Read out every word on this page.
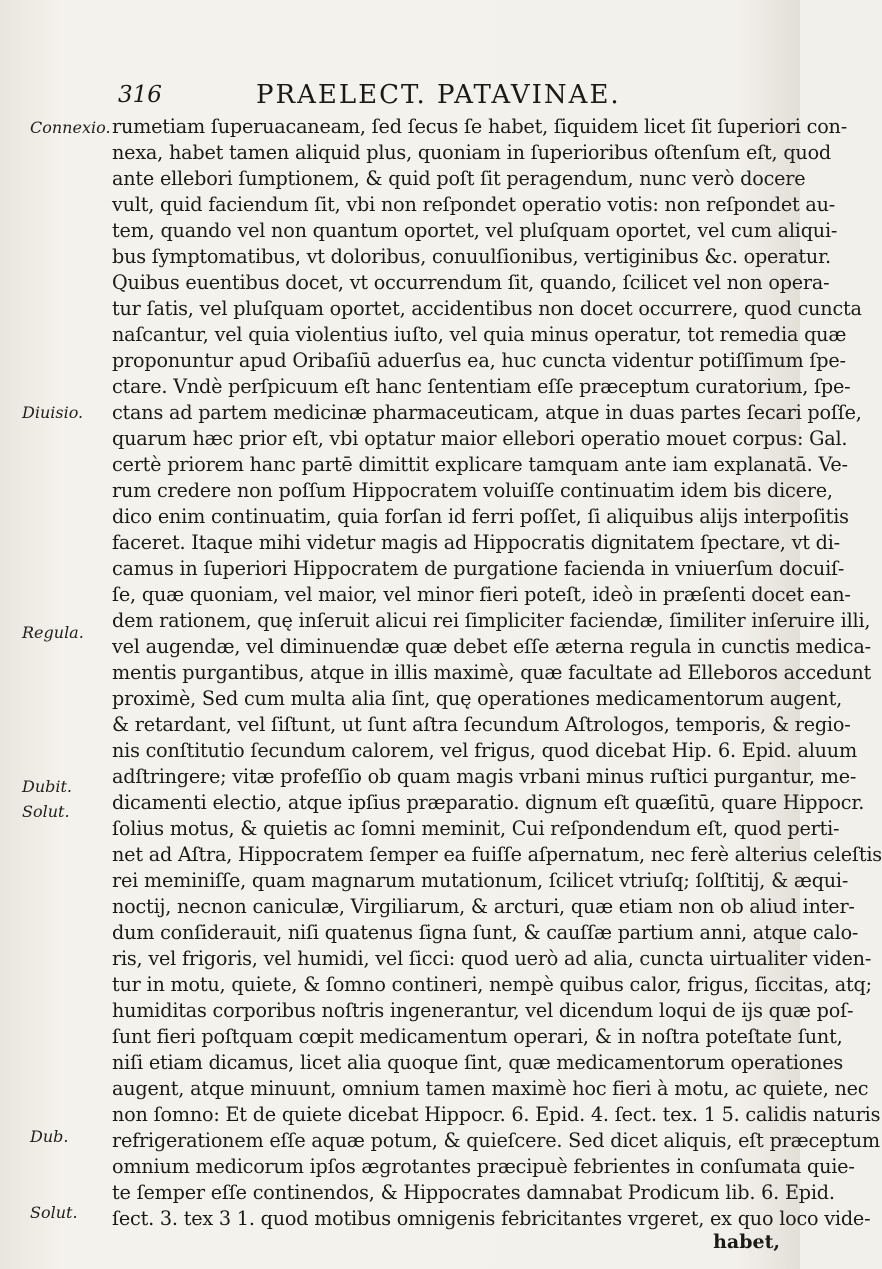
316	PRAELECT. PATAVINAE.
Connexio.
Diuisio.
Regula.
Dubit.
Solut.
Dub.
Solut.
rumetiam ſuperuacaneam, ſed ſecus ſe habet, ſiquidem licet ſit ſuperiori con-
nexa, habet tamen aliquid plus, quoniam in ſuperioribus oſtenſum eſt, quod
ante ellebori ſumptionem, & quid poſt ſit peragendum, nunc verò docere
vult, quid faciendum ſit, vbi non reſpondet operatio votis: non reſpondet au-
tem, quando vel non quantum oportet, vel pluſquam oportet, vel cum aliqui-
bus ſymptomatibus, vt doloribus, conuulſionibus, vertiginibus &c. operatur.
Quibus euentibus docet, vt occurrendum ſit, quando, ſcilicet vel non opera-
tur ſatis, vel pluſquam oportet, accidentibus non docet occurrere, quod cuncta
naſcantur, vel quia violentius iuſto, vel quia minus operatur, tot remedia quæ
proponuntur apud Oribaſiū aduerſus ea, huc cuncta videntur potiſſimum ſpe-
ctare. Vndè perſpicuum eſt hanc ſententiam eſſe præceptum curatorium, ſpe-
ctans ad partem medicinæ pharmaceuticam, atque in duas partes ſecari poſſe,
quarum hæc prior eſt, vbi optatur maior ellebori operatio mouet corpus: Gal.
certè priorem hanc partē dimittit explicare tamquam ante iam explanatā. Ve-
rum credere non poſſum Hippocratem voluiſſe continuatim idem bis dicere,
dico enim continuatim, quia forſan id ferri poſſet, ſi aliquibus alijs interpoſitis
faceret. Itaque mihi videtur magis ad Hippocratis dignitatem ſpectare, vt di-
camus in ſuperiori Hippocratem de purgatione facienda in vniuerſum docuiſ-
ſe, quæ quoniam, vel maior, vel minor fieri poteſt, ideò in præſenti docet ean-
dem rationem, quę inſeruit alicui rei ſimpliciter faciendæ, ſimiliter inſeruire illi,
vel augendæ, vel diminuendæ quæ debet eſſe æterna regula in cunctis medica-
mentis purgantibus, atque in illis maximè, quæ facultate ad Elleboros accedunt
proximè, Sed cum multa alia ſint, quę operationes medicamentorum augent,
& retardant, vel ſiſtunt, ut ſunt aſtra ſecundum Aſtrologos, temporis, & regio-
nis conſtitutio ſecundum calorem, vel frigus, quod dicebat Hip. 6. Epid. aluum
adſtringere; vitæ profeſſio ob quam magis vrbani minus ruſtici purgantur, me-
dicamenti electio, atque ipſius præparatio. dignum eſt quæſitū, quare Hippocr.
ſolius motus, & quietis ac ſomni meminit, Cui reſpondendum eſt, quod perti-
net ad Aſtra, Hippocratem ſemper ea fuiſſe aſpernatum, nec ferè alterius celeſtis
rei meminiſſe, quam magnarum mutationum, ſcilicet vtriuſq; ſolſtitij, & æqui-
noctij, necnon caniculæ, Virgiliarum, & arcturi, quæ etiam non ob aliud inter-
dum conſiderauit, niſi quatenus ſigna ſunt, & cauſſæ partium anni, atque calo-
ris, vel frigoris, vel humidi, vel ſicci: quod uerò ad alia, cuncta uirtualiter viden-
tur in motu, quiete, & ſomno contineri, nempè quibus calor, frigus, ſiccitas, atq;
humiditas corporibus noſtris ingenerantur, vel dicendum loqui de ijs quæ poſ-
ſunt fieri poſtquam cœpit medicamentum operari, & in noſtra poteſtate ſunt,
niſi etiam dicamus, licet alia quoque ſint, quæ medicamentorum operationes
augent, atque minuunt, omnium tamen maximè hoc fieri à motu, ac quiete, nec
non ſomno: Et de quiete dicebat Hippocr. 6. Epid. 4. ſect. tex. 1 5. calidis naturis
refrigerationem eſſe aquæ potum, & quieſcere. Sed dicet aliquis, eſt præceptum
omnium medicorum ipſos ægrotantes præcipuè febrientes in conſumata quie-
te ſemper eſſe continendos, & Hippocrates damnabat Prodicum lib. 6. Epid.
ſect. 3. tex 3 1. quod motibus omnigenis febricitantes vrgeret, ex quo loco vide-
habet,
